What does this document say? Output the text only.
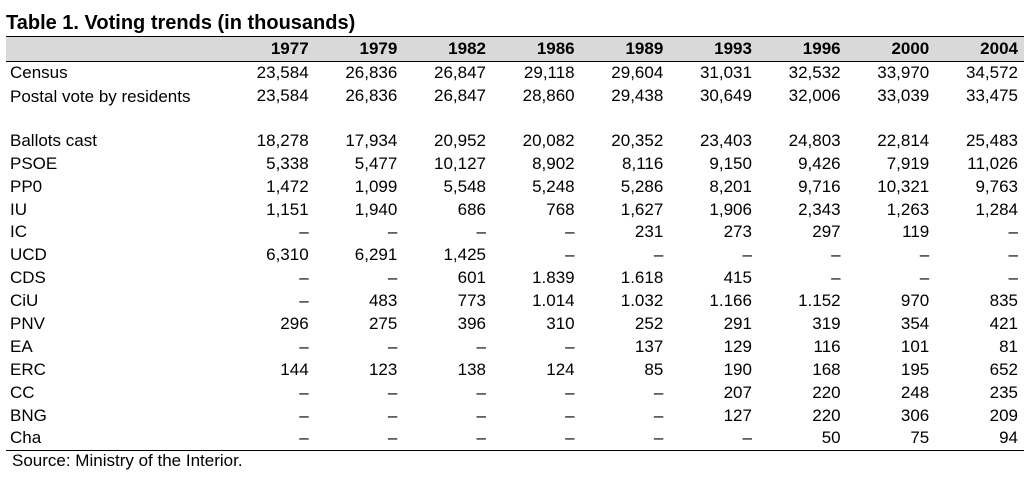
Table 1. Voting trends (in thousands)
	1977	1979	1982	1986	1989	1993	1996	2000	2004
Census	23,584	26,836	26,847	29,118	29,604	31,031	32,532	33,970	34,572
Postal vote by residents	23,584	26,836	26,847	28,860	29,438	30,649	32,006	33,039	33,475
Ballots cast	18,278	17,934	20,952	20,082	20,352	23,403	24,803	22,814	25,483
PSOE	5,338	5,477	10,127	8,902	8,116	9,150	9,426	7,919	11,026
PP0	1,472	1,099	5,548	5,248	5,286	8,201	9,716	10,321	9,763
IU	1,151	1,940	686	768	1,627	1,906	2,343	1,263	1,284
IC	–	–	–	–	231	273	297	119	–
UCD	6,310	6,291	1,425	–	–	–	–	–	–
CDS	–	–	601	1.839	1.618	415	–	–	–
CiU	–	483	773	1.014	1.032	1.166	1.152	970	835
PNV	296	275	396	310	252	291	319	354	421
EA	–	–	–	–	137	129	116	101	81
ERC	144	123	138	124	85	190	168	195	652
CC	–	–	–	–	–	207	220	248	235
BNG	–	–	–	–	–	127	220	306	209
Cha	–	–	–	–	–	–	50	75	94
Source: Ministry of the Interior.
